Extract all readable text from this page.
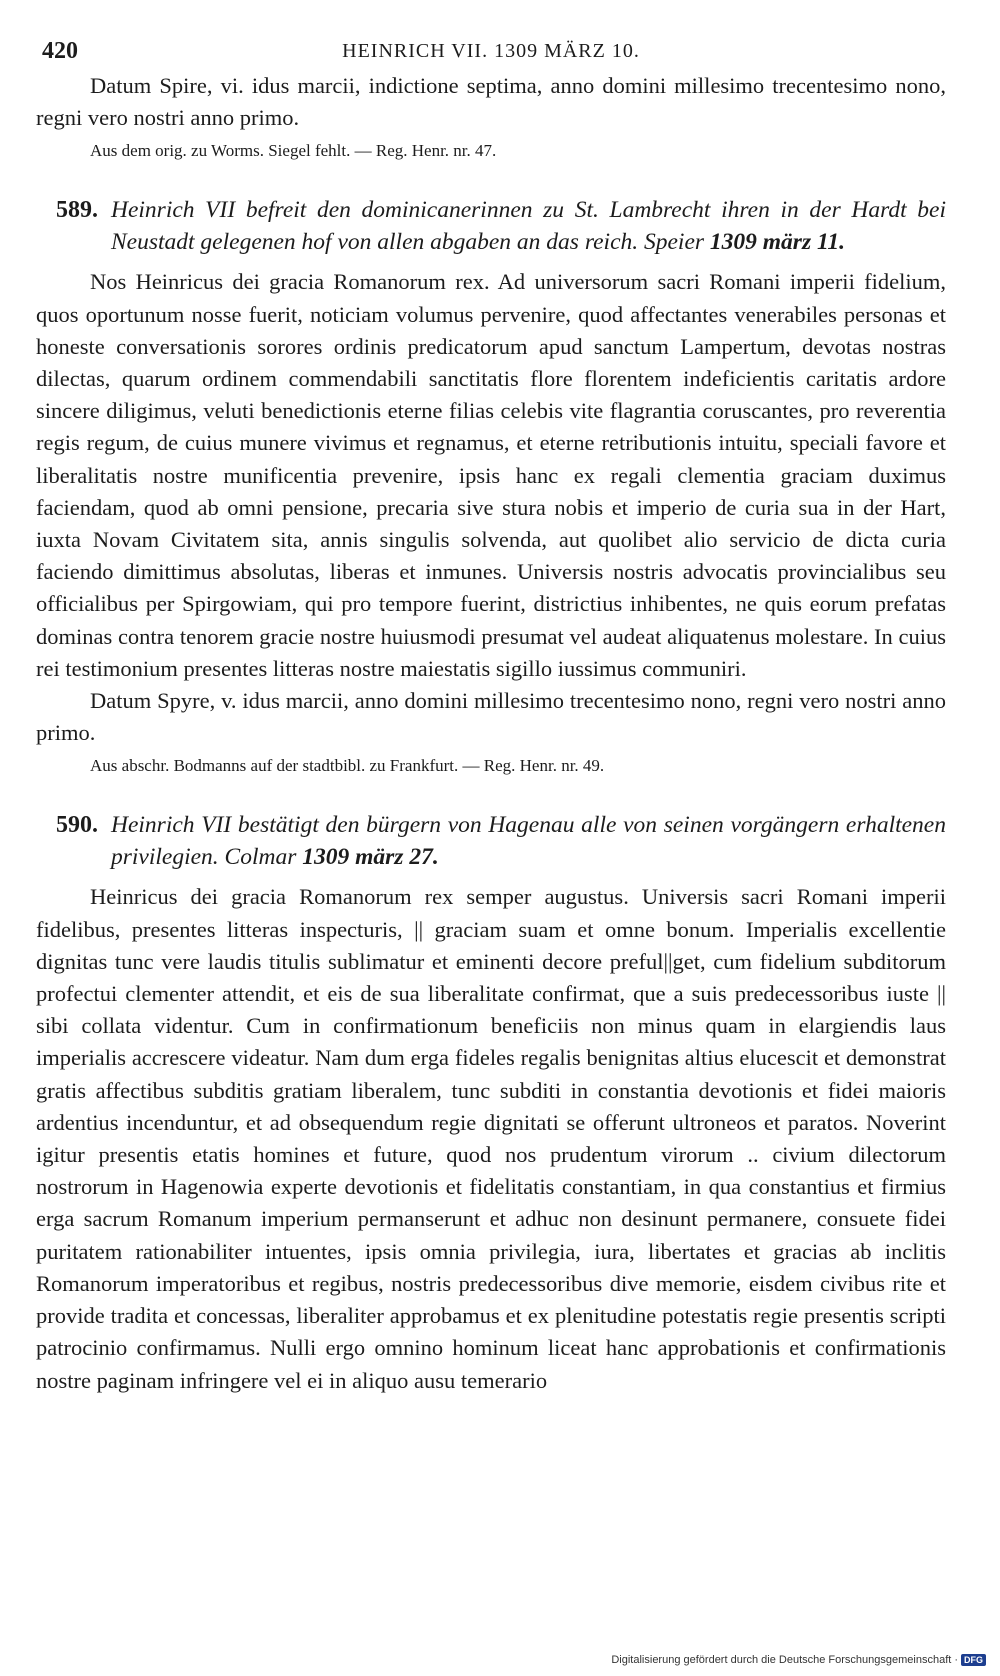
420	HEINRICH VII. 1309 MÄRZ 10.

Datum Spire, vi. idus marcii, indictione septima, anno domini millesimo trecentesimo nono, regni vero nostri anno primo.

Aus dem orig. zu Worms. Siegel fehlt. — Reg. Henr. nr. 47.
589. Heinrich VII befreit den dominicanerinnen zu St. Lambrecht ihren in der Hardt bei Neustadt gelegenen hof von allen abgaben an das reich. Speier 1309 märz 11.

Nos Heinricus dei gracia Romanorum rex. Ad universorum sacri Romani imperii fidelium, quos oportunum nosse fuerit, noticiam volumus pervenire, quod affectantes venerabiles personas et honeste conversationis sorores ordinis predicatorum apud sanctum Lampertum, devotas nostras dilectas, quarum ordinem commendabili sanctitatis flore florentem indeficientis caritatis ardore sincere diligimus, veluti benedictionis eterne filias celebis vite flagrantia coruscantes, pro reverentia regis regum, de cuius munere vivimus et regnamus, et eterne retributionis intuitu, speciali favore et liberalitatis nostre munificentia prevenire, ipsis hanc ex regali clementia graciam duximus faciendam, quod ab omni pensione, precaria sive stura nobis et imperio de curia sua in der Hart, iuxta Novam Civitatem sita, annis singulis solvenda, aut quolibet alio servicio de dicta curia faciendo dimittimus absolutas, liberas et inmunes. Universis nostris advocatis provincialibus seu officialibus per Spirgowiam, qui pro tempore fuerint, districtius inhibentes, ne quis eorum prefatas dominas contra tenorem gracie nostre huiusmodi presumat vel audeat aliquatenus molestare. In cuius rei testimonium presentes litteras nostre maiestatis sigillo iussimus communiri.

Datum Spyre, v. idus marcii, anno domini millesimo trecentesimo nono, regni vero nostri anno primo.

Aus abschr. Bodmanns auf der stadtbibl. zu Frankfurt. — Reg. Henr. nr. 49.
590. Heinrich VII bestätigt den bürgern von Hagenau alle von seinen vorgängern erhaltenen privilegien. Colmar 1309 märz 27.

Heinricus dei gracia Romanorum rex semper augustus. Universis sacri Romani imperii fidelibus, presentes litteras inspecturis, || graciam suam et omne bonum. Imperialis excellentie dignitas tunc vere laudis titulis sublimatur et eminenti decore preful||get, cum fidelium subditorum profectui clementer attendit, et eis de sua liberalitate confirmat, que a suis predecessoribus iuste || sibi collata videntur. Cum in confirmationum beneficiis non minus quam in elargiendis laus imperialis accrescere videatur. Nam dum erga fideles regalis benignitas altius elucescit et demonstrat gratis affectibus subditis gratiam liberalem, tunc subditi in constantia devotionis et fidei maioris ardentius incenduntur, et ad obsequendum regie dignitati se offerunt ultroneos et paratos. Noverint igitur presentis etatis homines et future, quod nos prudentum virorum .. civium dilectorum nostrorum in Hagenowia experte devotionis et fidelitatis constantiam, in qua constantius et firmius erga sacrum Romanum imperium permanserunt et adhuc non desinunt permanere, consuete fidei puritatem rationabiliter intuentes, ipsis omnia privilegia, iura, libertates et gracias ab inclitis Romanorum imperatoribus et regibus, nostris predecessoribus dive memorie, eisdem civibus rite et provide tradita et concessas, liberaliter approbamus et ex plenitudine potestatis regie presentis scripti patrocinio confirmamus. Nulli ergo omnino hominum liceat hanc approbationis et confirmationis nostre paginam infringere vel ei in aliquo ausu temerario

Digitalisierung gefördert durch die Deutsche Forschungsgemeinschaft · DFG
